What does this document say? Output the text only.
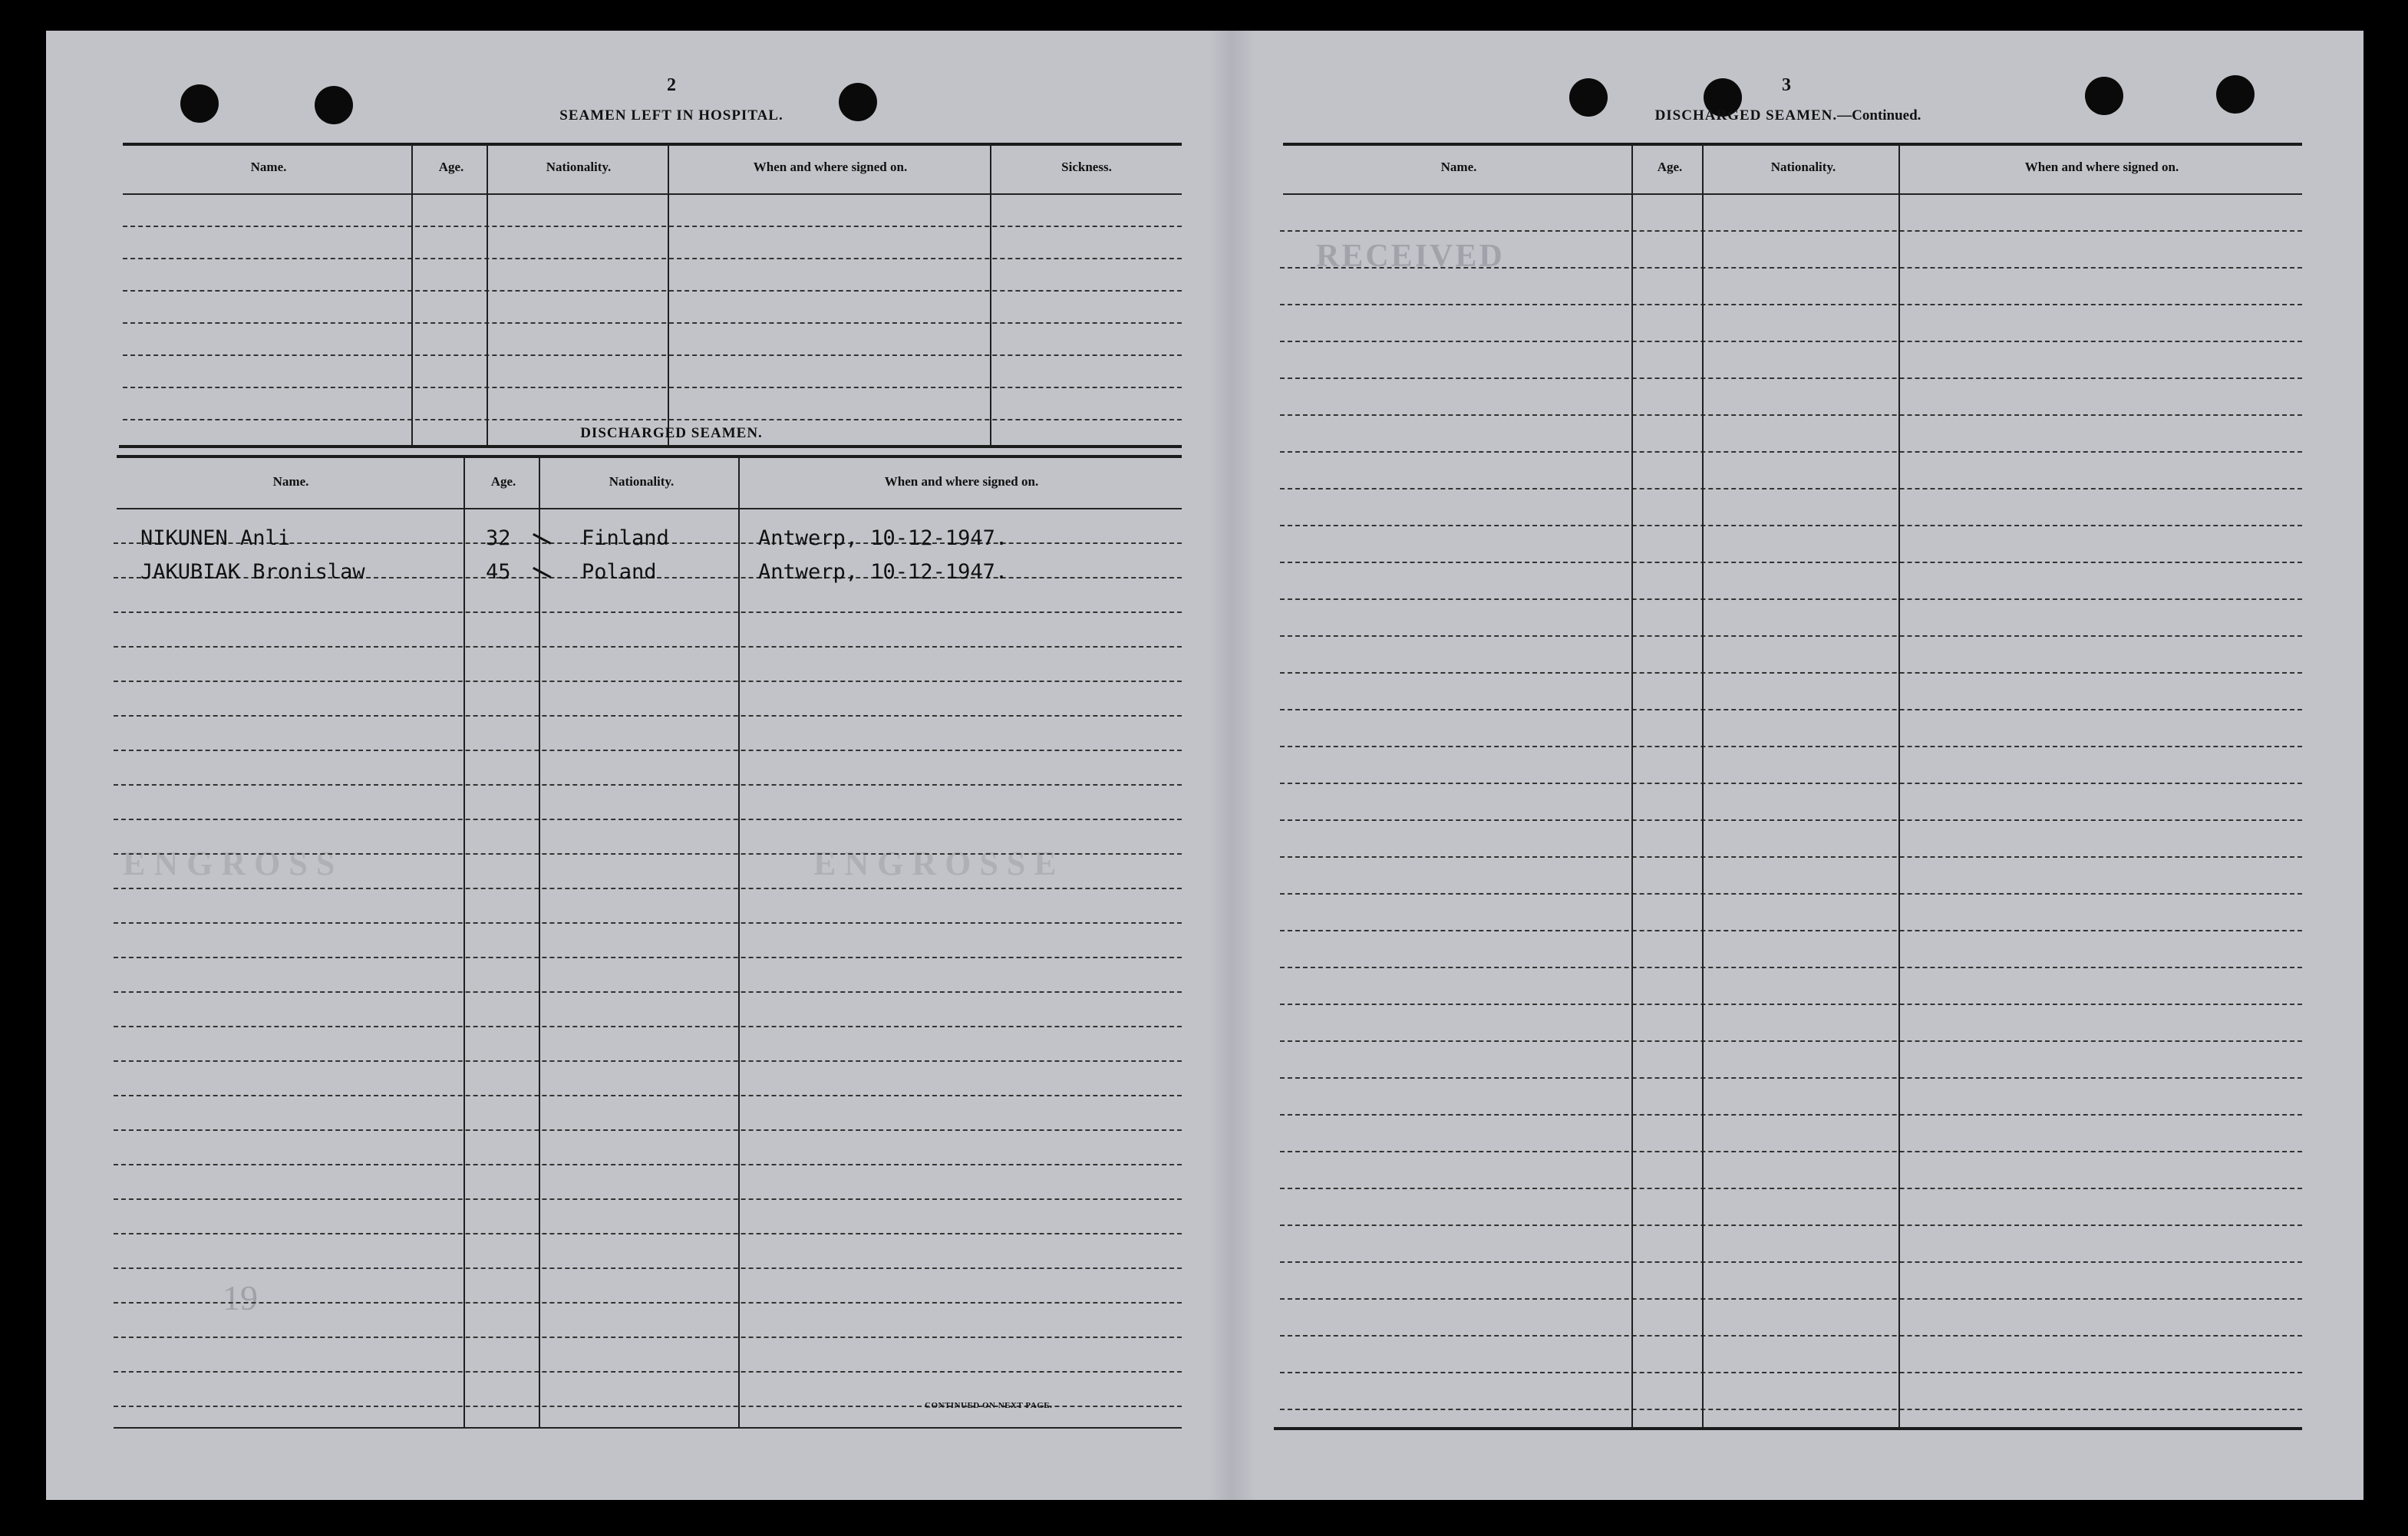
E N G R O S S E
E N G R O S S
2
SEAMEN LEFT IN HOSPITAL.
Name.	Age.	Nationality.	When and where signed on.	Sickness.
DISCHARGED SEAMEN.
Name.	Age.	Nationality.	When and where signed on.
NIKUNEN Anli	32	Finland	Antwerp, 10-12-1947.
JAKUBIAK Bronislaw	45	Poland	Antwerp, 10-12-1947.
19
CONTINUED ON NEXT PAGE.
3
DISCHARGED SEAMEN.—Continued.
Name.	Age.	Nationality.	When and where signed on.
RECEIVED
